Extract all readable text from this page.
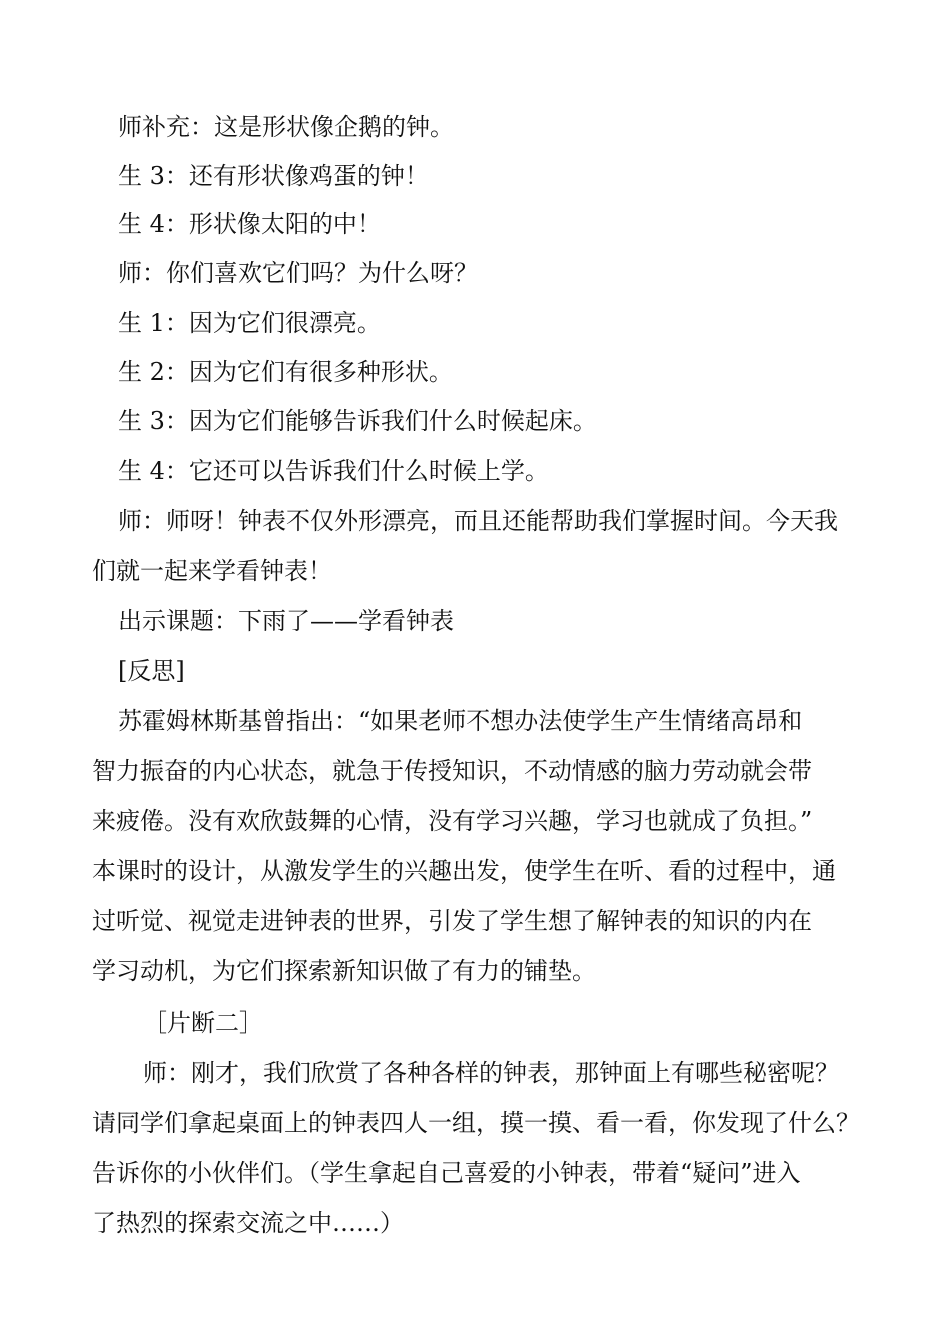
师补充：这是形状像企鹅的钟。
生 3：还有形状像鸡蛋的钟！
生 4：形状像太阳的中！
师：你们喜欢它们吗？为什么呀？
生 1：因为它们很漂亮。
生 2：因为它们有很多种形状。
生 3：因为它们能够告诉我们什么时候起床。
生 4：它还可以告诉我们什么时候上学。
师：师呀！钟表不仅外形漂亮，而且还能帮助我们掌握时间。今天我
们就一起来学看钟表！
出示课题：下雨了——学看钟表
[反思]
苏霍姆林斯基曾指出：“如果老师不想办法使学生产生情绪高昂和
智力振奋的内心状态，就急于传授知识，不动情感的脑力劳动就会带
来疲倦。没有欢欣鼓舞的心情，没有学习兴趣，学习也就成了负担。”
本课时的设计，从激发学生的兴趣出发，使学生在听、看的过程中，通
过听觉、视觉走进钟表的世界，引发了学生想了解钟表的知识的内在
学习动机，为它们探索新知识做了有力的铺垫。
［片断二］
师：刚才，我们欣赏了各种各样的钟表，那钟面上有哪些秘密呢？
请同学们拿起桌面上的钟表四人一组，摸一摸、看一看，你发现了什么？
告诉你的小伙伴们。（学生拿起自己喜爱的小钟表，带着“疑问”进入
了热烈的探索交流之中……）
